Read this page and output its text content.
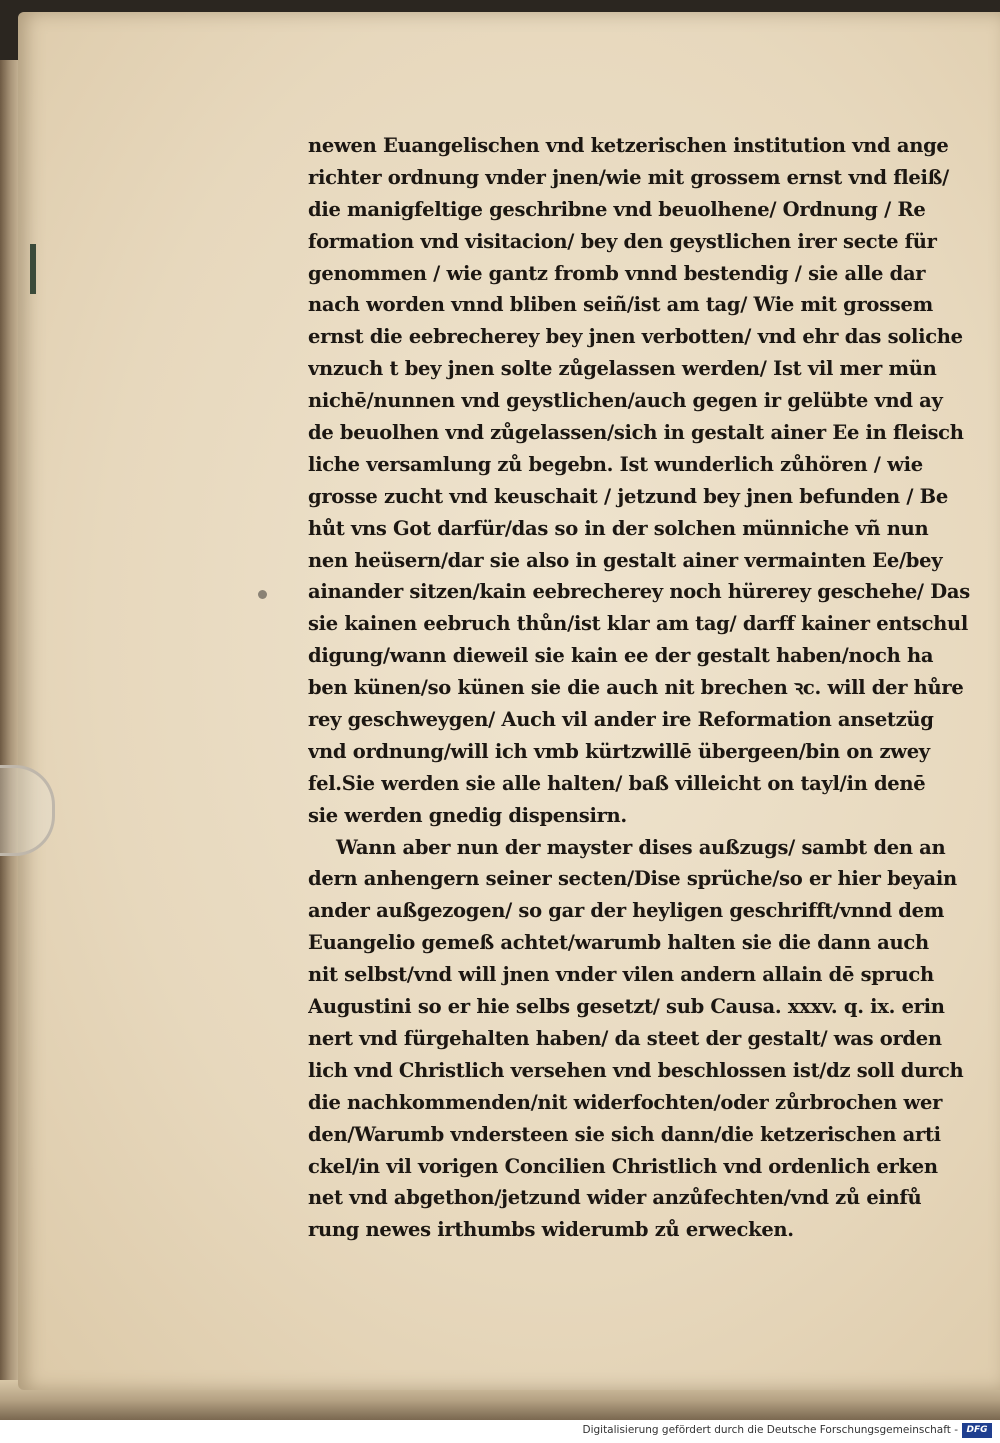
newen Euangelischen vnd ketzerischen institution vnd ange
richter ordnung vnder jnen/wie mit grossem ernst vnd fleiß/
die manigfeltige geschribne vnd beuolhene/ Ordnung / Re
formation vnd visitacion/ bey den geystlichen irer secte für
genommen / wie gantz fromb vnnd bestendig / sie alle dar
nach worden vnnd bliben seiñ/ist am tag/ Wie mit grossem
ernst die eebrecherey bey jnen verbotten/ vnd ehr das soliche
vnzuch t bey jnen solte zůgelassen werden/ Ist vil mer mün
nichē/nunnen vnd geystlichen/auch gegen ir gelübte vnd ay
de beuolhen vnd zůgelassen/sich in gestalt ainer Ee in fleisch
liche versamlung zů begebn. Ist wunderlich zůhören / wie
grosse zucht vnd keuschait / jetzund bey jnen befunden / Be
hůt vns Got darfür/das so in der solchen münniche vñ nun
nen heüsern/dar sie also in gestalt ainer vermainten Ee/bey
ainander sitzen/kain eebrecherey noch hürerey geschehe/ Das
sie kainen eebruch thůn/ist klar am tag/ darff kainer entschul
digung/wann dieweil sie kain ee der gestalt haben/noch ha
ben künen/so künen sie die auch nit brechen ꝛc. will der hůre
rey geschweygen/ Auch vil ander ire Reformation ansetzüg
vnd ordnung/will ich vmb kürtzwillē übergeen/bin on zwey
fel.Sie werden sie alle halten/ baß villeicht on tayl/in denē
sie werden gnedig dispensirn.
Wann aber nun der mayster dises außzugs/ sambt den an
dern anhengern seiner secten/Dise sprüche/so er hier beyain
ander außgezogen/ so gar der heyligen geschrifft/vnnd dem
Euangelio gemeß achtet/warumb halten sie die dann auch
nit selbst/vnd will jnen vnder vilen andern allain dē spruch
Augustini so er hie selbs gesetzt/ sub Causa. xxxv. q. ix. erin
nert vnd fürgehalten haben/ da steet der gestalt/ was orden
lich vnd Christlich versehen vnd beschlossen ist/dz soll durch
die nachkommenden/nit widerfochten/oder zůrbrochen wer
den/Warumb vndersteen sie sich dann/die ketzerischen arti
ckel/in vil vorigen Concilien Christlich vnd ordenlich erken
net vnd abgethon/jetzund wider anzůfechten/vnd zů einfů
rung newes irthumbs widerumb zů erwecken.
Digitalisierung gefördert durch die Deutsche Forschungsgemeinschaft - DFG
